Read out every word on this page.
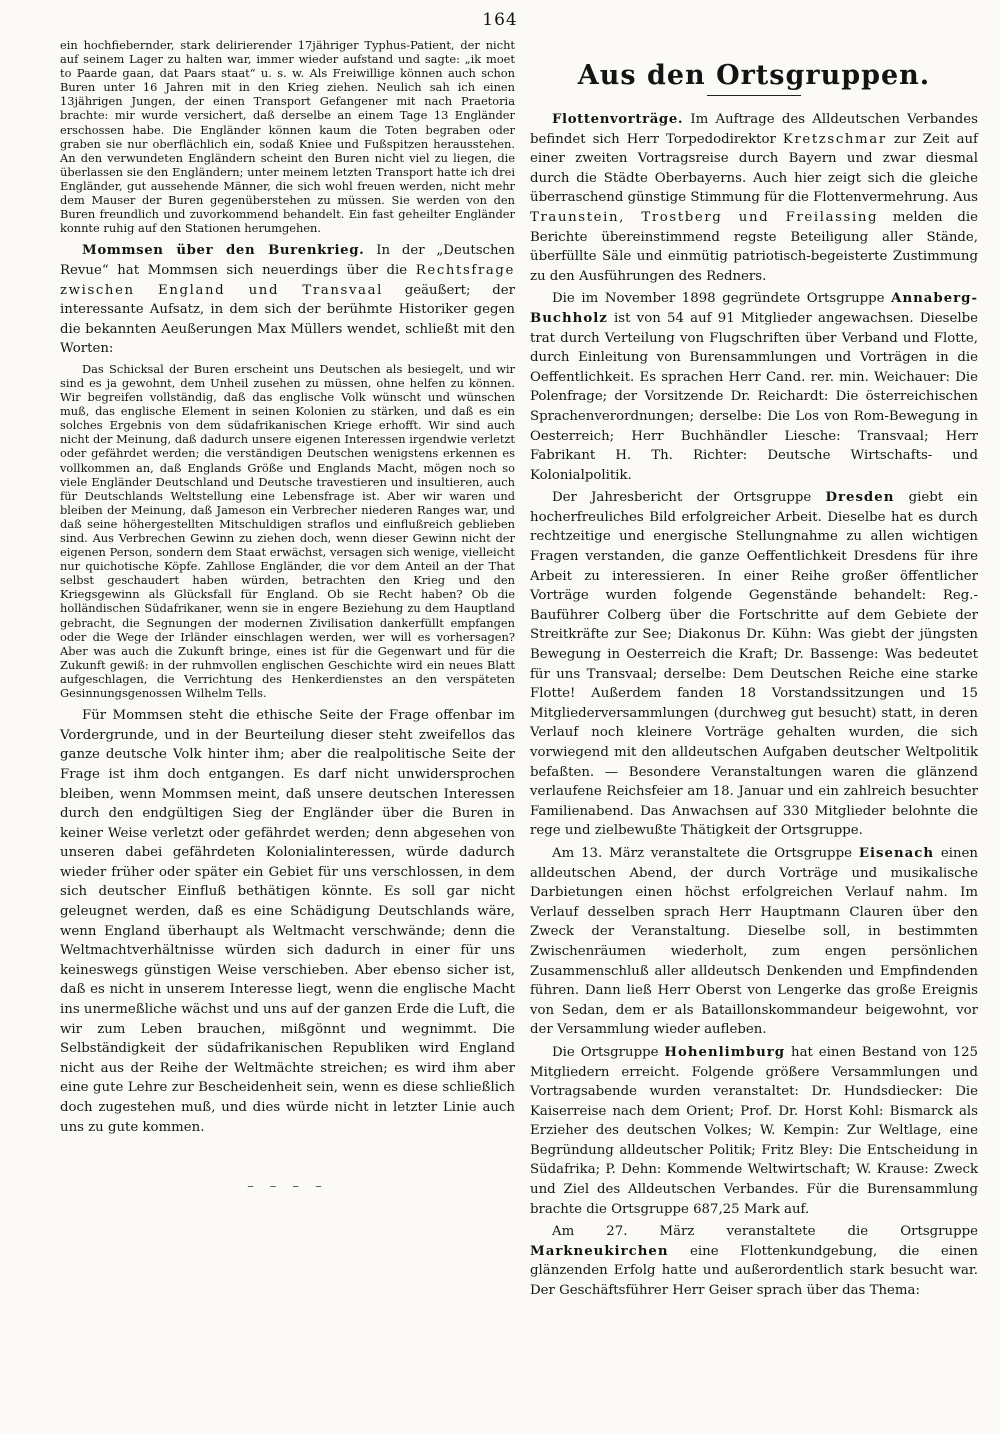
164

ein hochfiebernder, stark delirierender 17jähriger Typhus-Patient, der nicht auf seinem Lager zu halten war, immer wieder aufstand und sagte: „ik moet to Paarde gaan, dat Paars staat“ u. s. w. Als Freiwillige können auch schon Buren unter 16 Jahren mit in den Krieg ziehen. Neulich sah ich einen 13jährigen Jungen, der einen Transport Gefangener mit nach Praetoria brachte: mir wurde versichert, daß derselbe an einem Tage 13 Engländer erschossen habe. Die Engländer können kaum die Toten begraben oder graben sie nur oberflächlich ein, sodaß Kniee und Fußspitzen herausstehen. An den verwundeten Engländern scheint den Buren nicht viel zu liegen, die überlassen sie den Engländern; unter meinem letzten Transport hatte ich drei Engländer, gut aussehende Männer, die sich wohl freuen werden, nicht mehr dem Mauser der Buren gegenüberstehen zu müssen. Sie werden von den Buren freundlich und zuvorkommend behandelt. Ein fast geheilter Engländer konnte ruhig auf den Stationen herumgehen.

Mommsen über den Burenkrieg. In der „Deutschen Revue“ hat Mommsen sich neuerdings über die Rechtsfrage zwischen England und Transvaal geäußert; der interessante Aufsatz, in dem sich der berühmte Historiker gegen die bekannten Aeußerungen Max Müllers wendet, schließt mit den Worten:

Das Schicksal der Buren erscheint uns Deutschen als besiegelt, und wir sind es ja gewohnt, dem Unheil zusehen zu müssen, ohne helfen zu können. Wir begreifen vollständig, daß das englische Volk wünscht und wünschen muß, das englische Element in seinen Kolonien zu stärken, und daß es ein solches Ergebnis von dem südafrikanischen Kriege erhofft. Wir sind auch nicht der Meinung, daß dadurch unsere eigenen Interessen irgendwie verletzt oder gefährdet werden; die verständigen Deutschen wenigstens erkennen es vollkommen an, daß Englands Größe und Englands Macht, mögen noch so viele Engländer Deutschland und Deutsche travestieren und insultieren, auch für Deutschlands Weltstellung eine Lebensfrage ist. Aber wir waren und bleiben der Meinung, daß Jameson ein Verbrecher niederen Ranges war, und daß seine höhergestellten Mitschuldigen straflos und einflußreich geblieben sind. Aus Verbrechen Gewinn zu ziehen doch, wenn dieser Gewinn nicht der eigenen Person, sondern dem Staat erwächst, versagen sich wenige, vielleicht nur quichotische Köpfe. Zahllose Engländer, die vor dem Anteil an der That selbst geschaudert haben würden, betrachten den Krieg und den Kriegsgewinn als Glücksfall für England. Ob sie Recht haben? Ob die holländischen Südafrikaner, wenn sie in engere Beziehung zu dem Hauptland gebracht, die Segnungen der modernen Zivilisation dankerfüllt empfangen oder die Wege der Irländer einschlagen werden, wer will es vorhersagen? Aber was auch die Zukunft bringe, eines ist für die Gegenwart und für die Zukunft gewiß: in der ruhmvollen englischen Geschichte wird ein neues Blatt aufgeschlagen, die Verrichtung des Henkerdienstes an den verspäteten Gesinnungsgenossen Wilhelm Tells.

Für Mommsen steht die ethische Seite der Frage offenbar im Vordergrunde, und in der Beurteilung dieser steht zweifellos das ganze deutsche Volk hinter ihm; aber die realpolitische Seite der Frage ist ihm doch entgangen. Es darf nicht unwidersprochen bleiben, wenn Mommsen meint, daß unsere deutschen Interessen durch den endgültigen Sieg der Engländer über die Buren in keiner Weise verletzt oder gefährdet werden; denn abgesehen von unseren dabei gefährdeten Kolonialinteressen, würde dadurch wieder früher oder später ein Gebiet für uns verschlossen, in dem sich deutscher Einfluß bethätigen könnte. Es soll gar nicht geleugnet werden, daß es eine Schädigung Deutschlands wäre, wenn England überhaupt als Weltmacht verschwände; denn die Weltmachtverhältnisse würden sich dadurch in einer für uns keineswegs günstigen Weise verschieben. Aber ebenso sicher ist, daß es nicht in unserem Interesse liegt, wenn die englische Macht ins unermeßliche wächst und uns auf der ganzen Erde die Luft, die wir zum Leben brauchen, mißgönnt und wegnimmt. Die Selbständigkeit der südafrikanischen Republiken wird England nicht aus der Reihe der Weltmächte streichen; es wird ihm aber eine gute Lehre zur Bescheidenheit sein, wenn es diese schließlich doch zugestehen muß, und dies würde nicht in letzter Linie auch uns zu gute kommen.

– – – –
Aus den Ortsgruppen.

Flottenvorträge. Im Auftrage des Alldeutschen Verbandes befindet sich Herr Torpedodirektor Kretzschmar zur Zeit auf einer zweiten Vortragsreise durch Bayern und zwar diesmal durch die Städte Oberbayerns. Auch hier zeigt sich die gleiche überraschend günstige Stimmung für die Flottenvermehrung. Aus Traunstein, Trostberg und Freilassing melden die Berichte übereinstimmend regste Beteiligung aller Stände, überfüllte Säle und einmütig patriotisch-begeisterte Zustimmung zu den Ausführungen des Redners.

Die im November 1898 gegründete Ortsgruppe Annaberg-Buchholz ist von 54 auf 91 Mitglieder angewachsen. Dieselbe trat durch Verteilung von Flugschriften über Verband und Flotte, durch Einleitung von Burensammlungen und Vorträgen in die Oeffentlichkeit. Es sprachen Herr Cand. rer. min. Weichauer: Die Polenfrage; der Vorsitzende Dr. Reichardt: Die österreichischen Sprachenverordnungen; derselbe: Die Los von Rom-Bewegung in Oesterreich; Herr Buchhändler Liesche: Transvaal; Herr Fabrikant H. Th. Richter: Deutsche Wirtschafts- und Kolonialpolitik.

Der Jahresbericht der Ortsgruppe Dresden giebt ein hocherfreuliches Bild erfolgreicher Arbeit. Dieselbe hat es durch rechtzeitige und energische Stellungnahme zu allen wichtigen Fragen verstanden, die ganze Oeffentlichkeit Dresdens für ihre Arbeit zu interessieren. In einer Reihe großer öffentlicher Vorträge wurden folgende Gegenstände behandelt: Reg.-Bauführer Colberg über die Fortschritte auf dem Gebiete der Streitkräfte zur See; Diakonus Dr. Kühn: Was giebt der jüngsten Bewegung in Oesterreich die Kraft; Dr. Bassenge: Was bedeutet für uns Transvaal; derselbe: Dem Deutschen Reiche eine starke Flotte! Außerdem fanden 18 Vorstandssitzungen und 15 Mitgliederversammlungen (durchweg gut besucht) statt, in deren Verlauf noch kleinere Vorträge gehalten wurden, die sich vorwiegend mit den alldeutschen Aufgaben deutscher Weltpolitik befaßten. — Besondere Veranstaltungen waren die glänzend verlaufene Reichsfeier am 18. Januar und ein zahlreich besuchter Familienabend. Das Anwachsen auf 330 Mitglieder belohnte die rege und zielbewußte Thätigkeit der Ortsgruppe.

Am 13. März veranstaltete die Ortsgruppe Eisenach einen alldeutschen Abend, der durch Vorträge und musikalische Darbietungen einen höchst erfolgreichen Verlauf nahm. Im Verlauf desselben sprach Herr Hauptmann Clauren über den Zweck der Veranstaltung. Dieselbe soll, in bestimmten Zwischenräumen wiederholt, zum engen persönlichen Zusammenschluß aller alldeutsch Denkenden und Empfindenden führen. Dann ließ Herr Oberst von Lengerke das große Ereignis von Sedan, dem er als Bataillonskommandeur beigewohnt, vor der Versammlung wieder aufleben.

Die Ortsgruppe Hohenlimburg hat einen Bestand von 125 Mitgliedern erreicht. Folgende größere Versammlungen und Vortragsabende wurden veranstaltet: Dr. Hundsdiecker: Die Kaiserreise nach dem Orient; Prof. Dr. Horst Kohl: Bismarck als Erzieher des deutschen Volkes; W. Kempin: Zur Weltlage, eine Begründung alldeutscher Politik; Fritz Bley: Die Entscheidung in Südafrika; P. Dehn: Kommende Weltwirtschaft; W. Krause: Zweck und Ziel des Alldeutschen Verbandes. Für die Burensammlung brachte die Ortsgruppe 687,25 Mark auf.

Am 27. März veranstaltete die Ortsgruppe Markneukirchen eine Flottenkundgebung, die einen glänzenden Erfolg hatte und außerordentlich stark besucht war. Der Geschäftsführer Herr Geiser sprach über das Thema:
